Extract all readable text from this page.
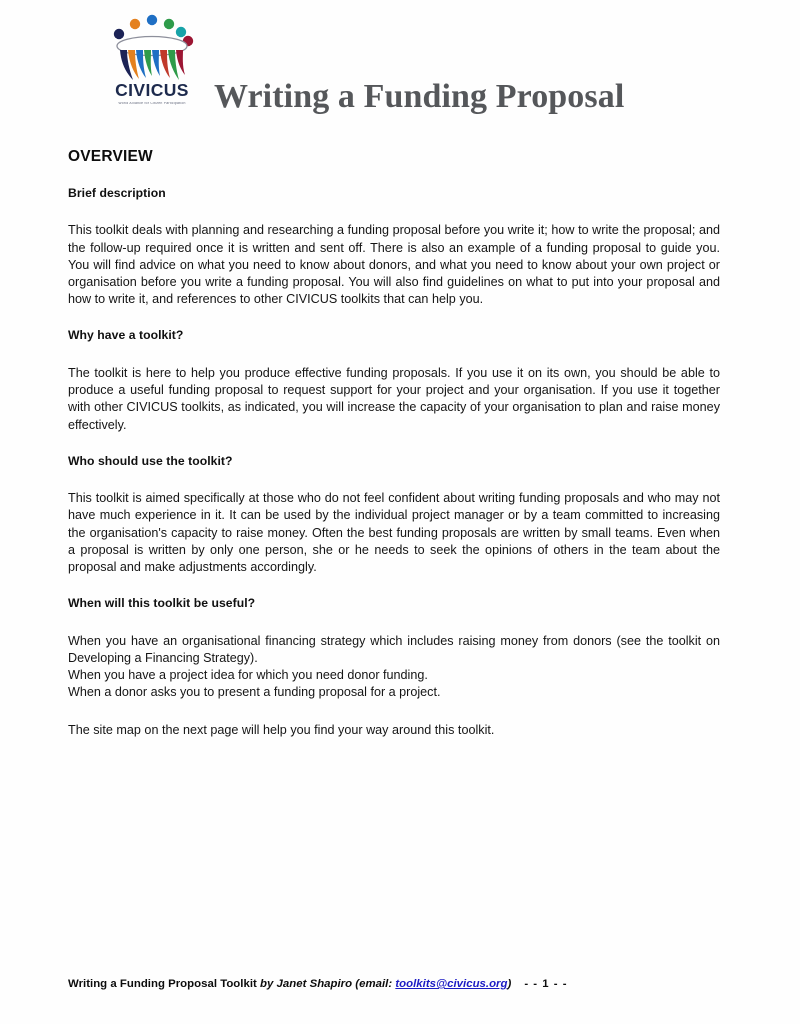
CIVICUS
World Alliance for Citizen Participation Writing a Funding Proposal
OVERVIEW
Brief description

This toolkit deals with planning and researching a funding proposal before you write it; how to write the proposal; and the follow-up required once it is written and sent off. There is also an example of a funding proposal to guide you. You will find advice on what you need to know about donors, and what you need to know about your own project or organisation before you write a funding proposal. You will also find guidelines on what to put into your proposal and how to write it, and references to other CIVICUS toolkits that can help you.

Why have a toolkit?

The toolkit is here to help you produce effective funding proposals. If you use it on its own, you should be able to produce a useful funding proposal to request support for your project and your organisation. If you use it together with other CIVICUS toolkits, as indicated, you will increase the capacity of your organisation to plan and raise money effectively.

Who should use the toolkit?

This toolkit is aimed specifically at those who do not feel confident about writing funding proposals and who may not have much experience in it. It can be used by the individual project manager or by a team committed to increasing the organisation's capacity to raise money. Often the best funding proposals are written by small teams. Even when a proposal is written by only one person, she or he needs to seek the opinions of others in the team about the proposal and make adjustments accordingly.

When will this toolkit be useful?
When you have an organisational financing strategy which includes raising money from donors (see the toolkit on Developing a Financing Strategy).
When you have a project idea for which you need donor funding.
When a donor asks you to present a funding proposal for a project.

The site map on the next page will help you find your way around this toolkit.

Writing a Funding Proposal Toolkit by Janet Shapiro (email: toolkits@civicus.org) - - 1 - -
